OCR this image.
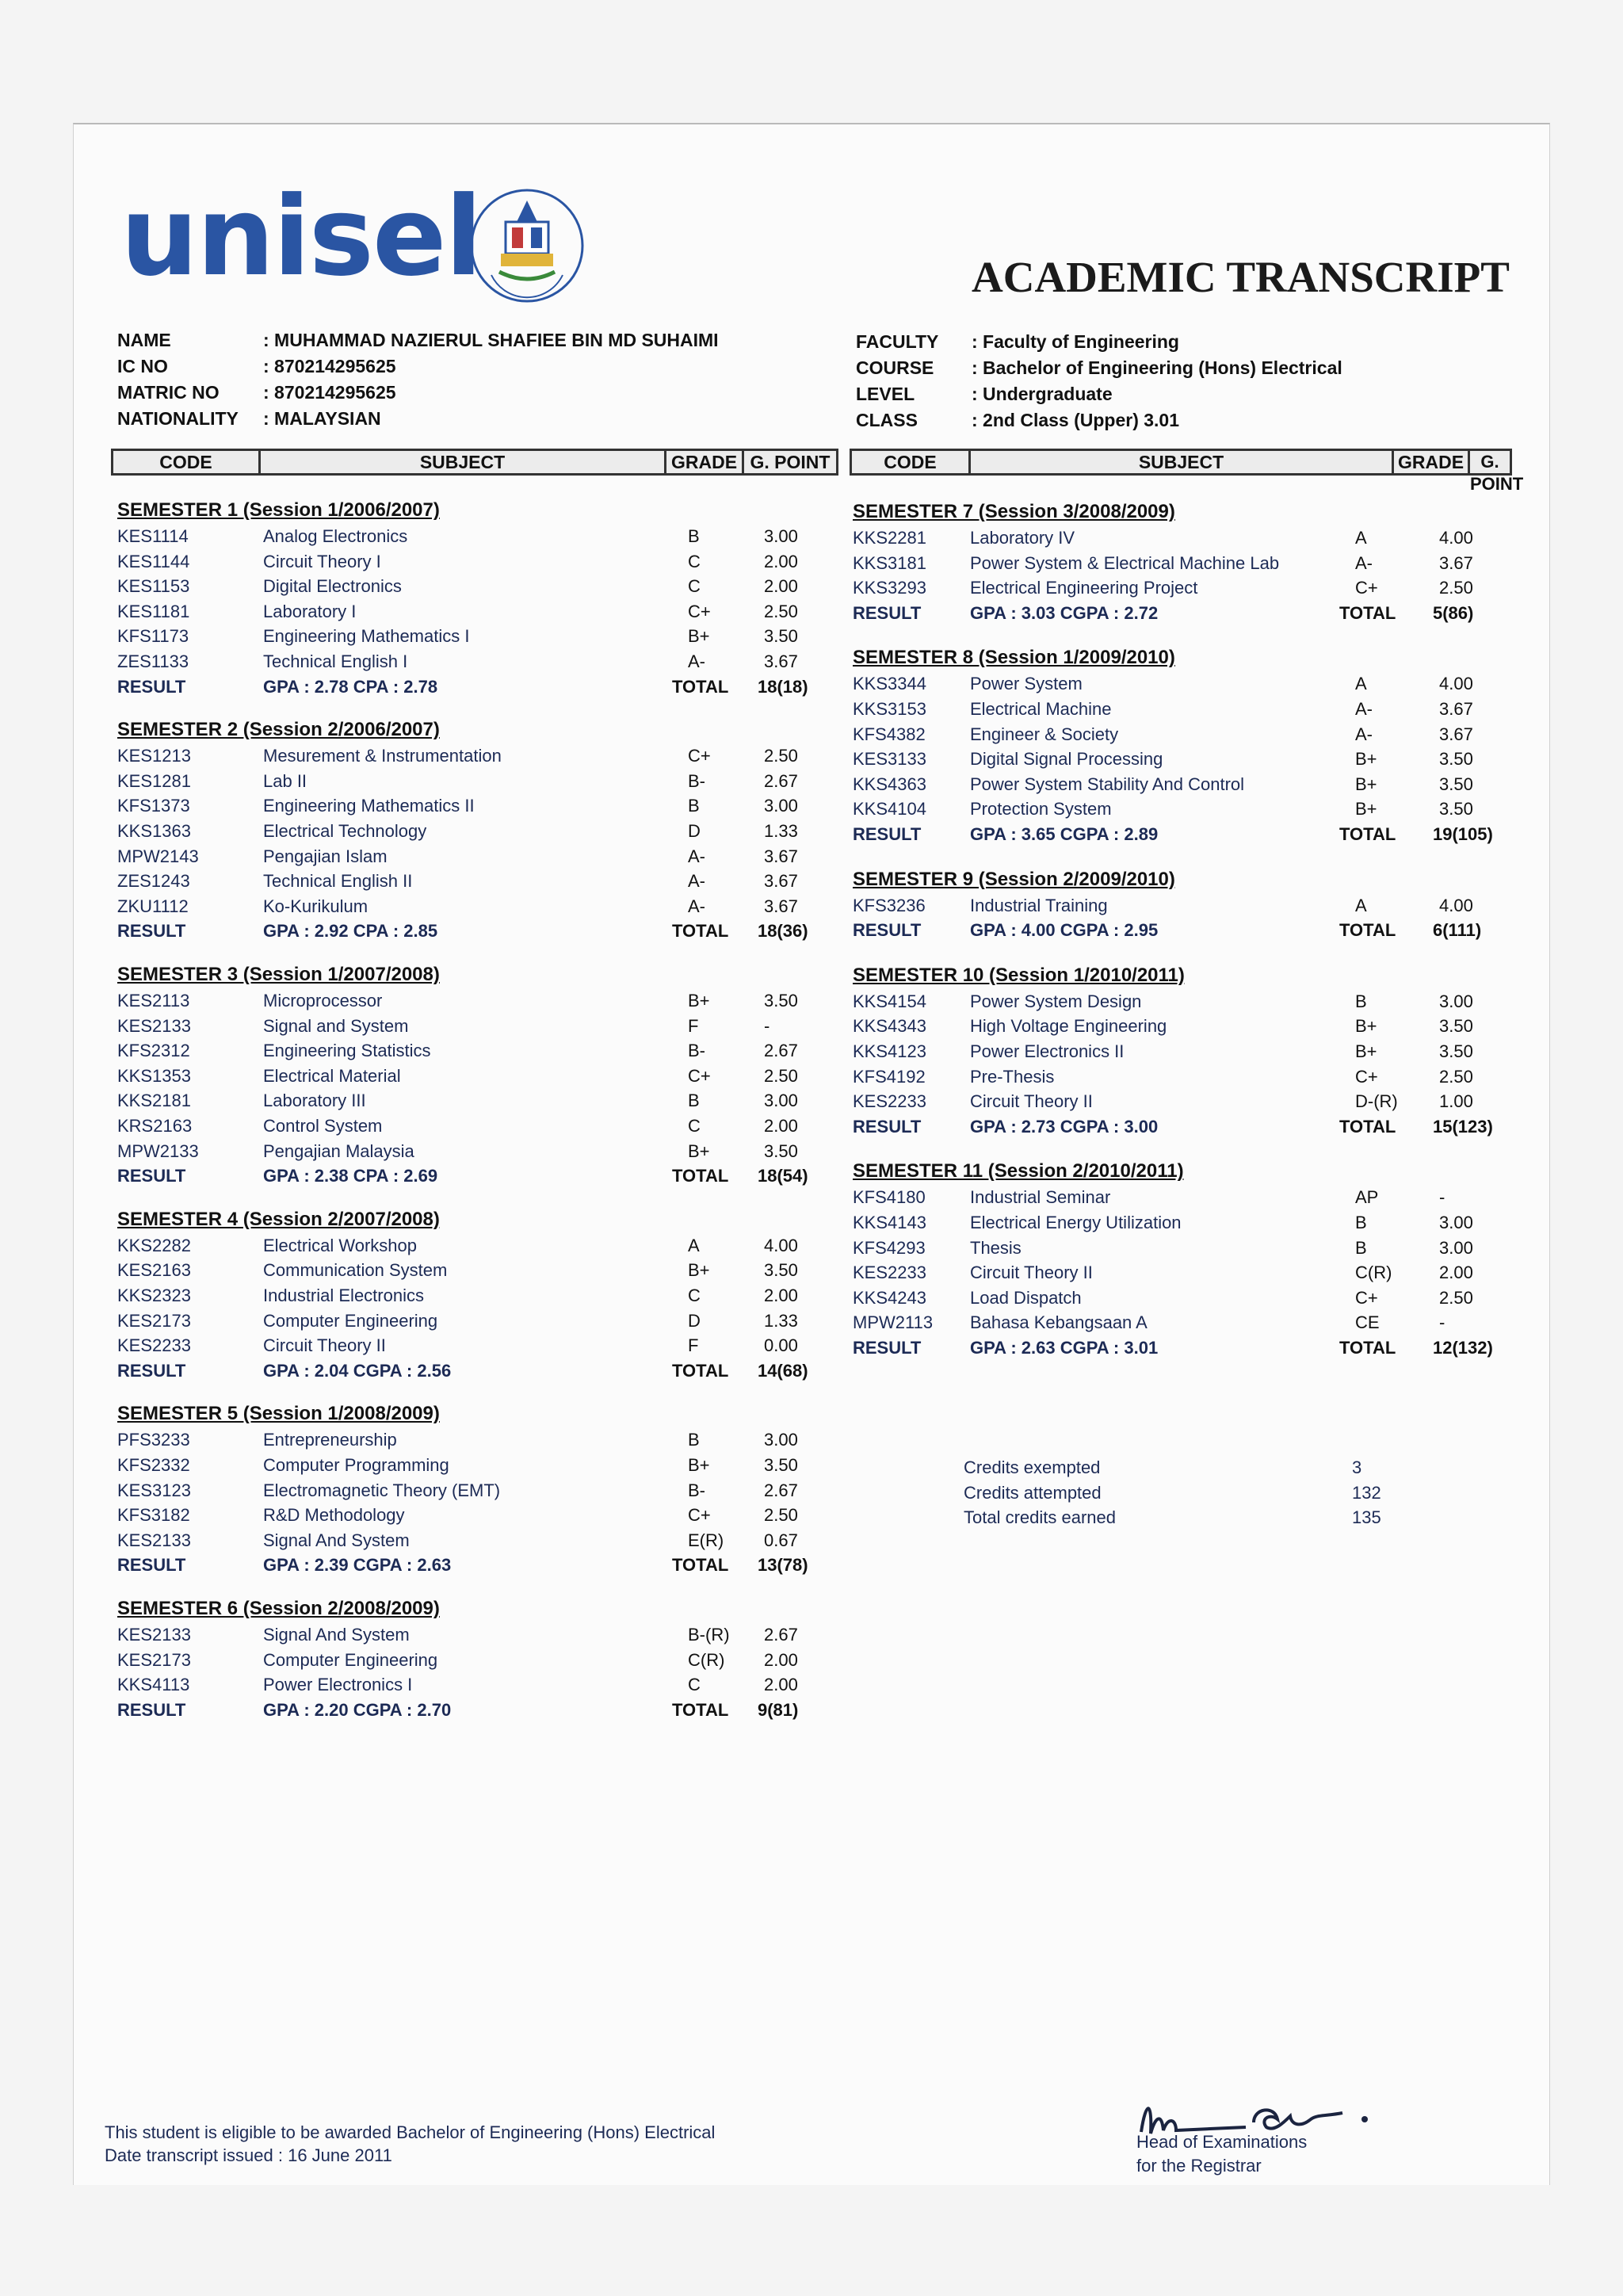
unisel	ACADEMIC TRANSCRIPT
NAME	: MUHAMMAD NAZIERUL SHAFIEE BIN MD SUHAIMI
IC NO	: 870214295625
MATRIC NO : 870214295625
NATIONALITY : MALAYSIAN
FACULTY : Faculty of Engineering
COURSE : Bachelor of Engineering (Hons) Electrical
LEVEL	: Undergraduate
CLASS	: 2nd Class (Upper) 3.01
CODE	SUBJECT	GRADE G. POINT	CODE	SUBJECT	GRADE G. POINT
SEMESTER 1 (Session 1/2006/2007)
KES1114	Analog Electronics	B	3.00
KES1144	Circuit Theory I	C	2.00
KES1153	Digital Electronics	C	2.00
KES1181	Laboratory I	C+	2.50
KFS1173	Engineering Mathematics I	B+	3.50
ZES1133	Technical English I	A-	3.67
RESULT	GPA : 2.78 CPA : 2.78	TOTAL 18(18)
SEMESTER 2 (Session 2/2006/2007)
KES1213	Mesurement & Instrumentation	C+	2.50
KES1281	Lab II	B-	2.67
KFS1373	Engineering Mathematics II	B	3.00
KKS1363	Electrical Technology	D	1.33
MPW2143	Pengajian Islam	A-	3.67
ZES1243	Technical English II	A-	3.67
ZKU1112	Ko-Kurikulum	A-	3.67
RESULT	GPA : 2.92 CPA : 2.85	TOTAL 18(36)
SEMESTER 3 (Session 1/2007/2008)
KES2113	Microprocessor	B+	3.50
KES2133	Signal and System	F	-
KFS2312	Engineering Statistics	B-	2.67
KKS1353	Electrical Material	C+	2.50
KKS2181	Laboratory III	B	3.00
KRS2163	Control System	C	2.00
MPW2133	Pengajian Malaysia	B+	3.50
RESULT	GPA : 2.38 CPA : 2.69	TOTAL 18(54)
SEMESTER 4 (Session 2/2007/2008)
KKS2282	Electrical Workshop	A	4.00
KES2163	Communication System	B+	3.50
KKS2323	Industrial Electronics	C	2.00
KES2173	Computer Engineering	D	1.33
KES2233	Circuit Theory II	F	0.00
RESULT	GPA : 2.04 CGPA : 2.56	TOTAL 14(68)
SEMESTER 5 (Session 1/2008/2009)
PFS3233	Entrepreneurship	B	3.00
KFS2332	Computer Programming	B+	3.50
KES3123	Electromagnetic Theory (EMT)	B-	2.67
KFS3182	R&D Methodology	C+	2.50
KES2133	Signal And System	E(R) 0.67
RESULT	GPA : 2.39 CGPA : 2.63	TOTAL 13(78)
SEMESTER 6 (Session 2/2008/2009)
KES2133	Signal And System	B-(R) 2.67
KES2173	Computer Engineering	C(R) 2.00
KKS4113	Power Electronics I	C	2.00
RESULT	GPA : 2.20 CGPA : 2.70	TOTAL 9(81)
SEMESTER 7 (Session 3/2008/2009)
KKS2281	Laboratory IV	A	4.00
KKS3181	Power System & Electrical Machine Lab	A-	3.67
KKS3293	Electrical Engineering Project	C+	2.50
RESULT	GPA : 3.03 CGPA : 2.72	TOTAL 5(86)
SEMESTER 8 (Session 1/2009/2010)
KKS3344	Power System	A	4.00
KKS3153	Electrical Machine	A-	3.67
KFS4382	Engineer & Society	A-	3.67
KES3133	Digital Signal Processing	B+	3.50
KKS4363	Power System Stability And Control	B+	3.50
KKS4104	Protection System	B+	3.50
RESULT	GPA : 3.65 CGPA : 2.89	TOTAL 19(105)
SEMESTER 9 (Session 2/2009/2010)
KFS3236	Industrial Training	A	4.00
RESULT	GPA : 4.00 CGPA : 2.95	TOTAL 6(111)
SEMESTER 10 (Session 1/2010/2011)
KKS4154	Power System Design	B	3.00
KKS4343	High Voltage Engineering	B+	3.50
KKS4123	Power Electronics II	B+	3.50
KFS4192	Pre-Thesis	C+	2.50
KES2233	Circuit Theory II	D-(R) 1.00
RESULT	GPA : 2.73 CGPA : 3.00	TOTAL 15(123)
SEMESTER 11 (Session 2/2010/2011)
KFS4180	Industrial Seminar	AP	-
KKS4143	Electrical Energy Utilization	B	3.00
KFS4293	Thesis	B	3.00
KES2233	Circuit Theory II	C(R)	2.00
KKS4243	Load Dispatch	C+	2.50
MPW2113 Bahasa Kebangsaan A	CE	-
RESULT	GPA : 2.63 CGPA : 3.01	TOTAL 12(132)
Credits exempted	3
Credits attempted	132
Total credits earned	135
This student is eligible to be awarded Bachelor of Engineering (Hons) Electrical
Date transcript issued : 16 June 2011
Head of Examinations
for the Registrar
